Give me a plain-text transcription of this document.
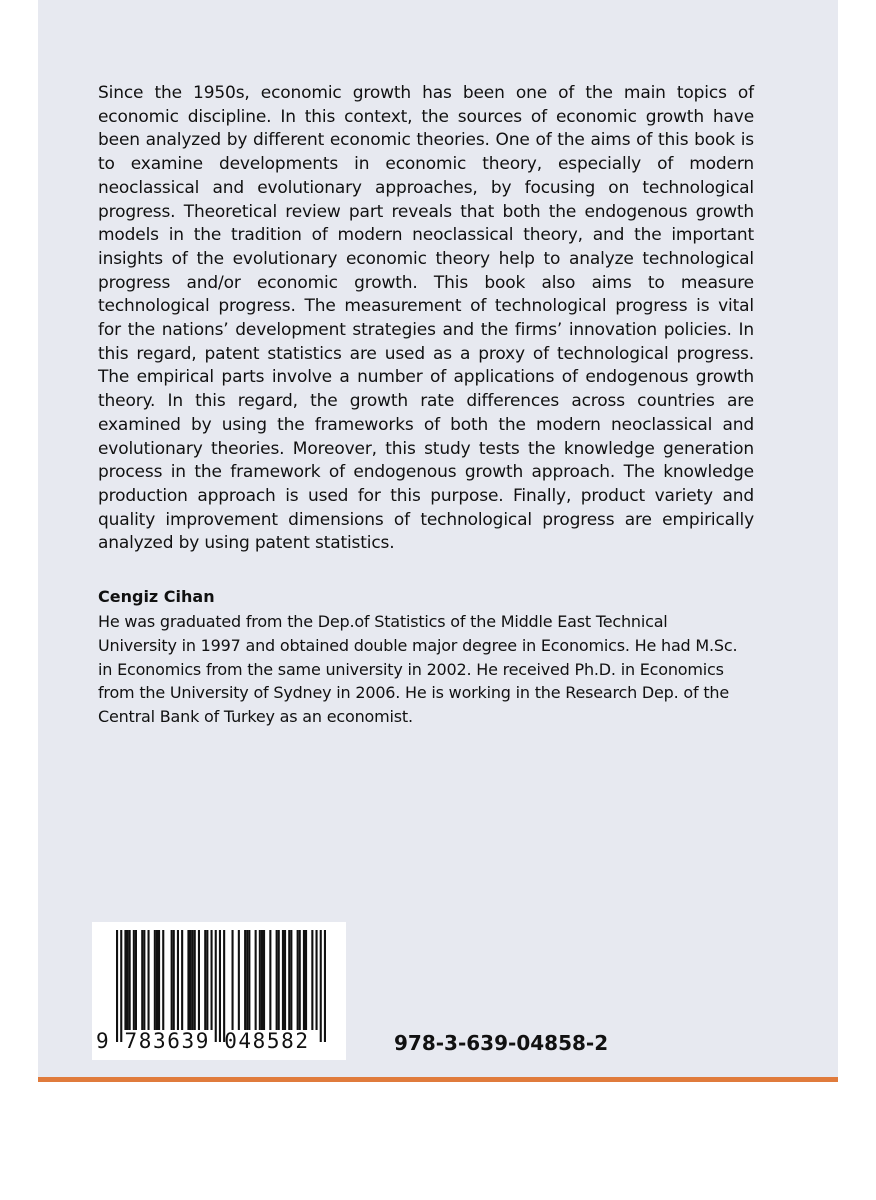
Since the 1950s, economic growth has been one of the main topics of economic discipline. In this context, the sources of economic growth have been analyzed by different economic theories. One of the aims of this book is to examine developments in economic theory, especially of modern neoclassical and evolutionary approaches, by focusing on technological progress. Theoretical review part reveals that both the endogenous growth models in the tradition of modern neoclassical theory, and the important insights of the evolutionary economic theory help to analyze technological progress and/or economic growth. This book also aims to measure technological progress. The measurement of technological progress is vital for the nations’ development strategies and the firms’ innovation policies. In this regard, patent statistics are used as a proxy of technological progress. The empirical parts involve a number of applications of endogenous growth theory. In this regard, the growth rate differences across countries are examined by using the frameworks of both the modern neoclassical and evolutionary theories. Moreover, this study tests the knowledge generation process in the framework of endogenous growth approach. The knowledge production approach is used for this purpose. Finally, product variety and quality improvement dimensions of technological progress are empirically analyzed by using patent statistics.

Cengiz Cihan

He was graduated from the Dep.of Statistics of the Middle East Technical University in 1997 and obtained double major degree in Economics. He had M.Sc. in Economics from the same university in 2002. He received Ph.D. in Economics from the University of Sydney in 2006. He is working in the Research Dep. of the Central Bank of Turkey as an economist.

9 783639 048582	978-3-639-04858-2
